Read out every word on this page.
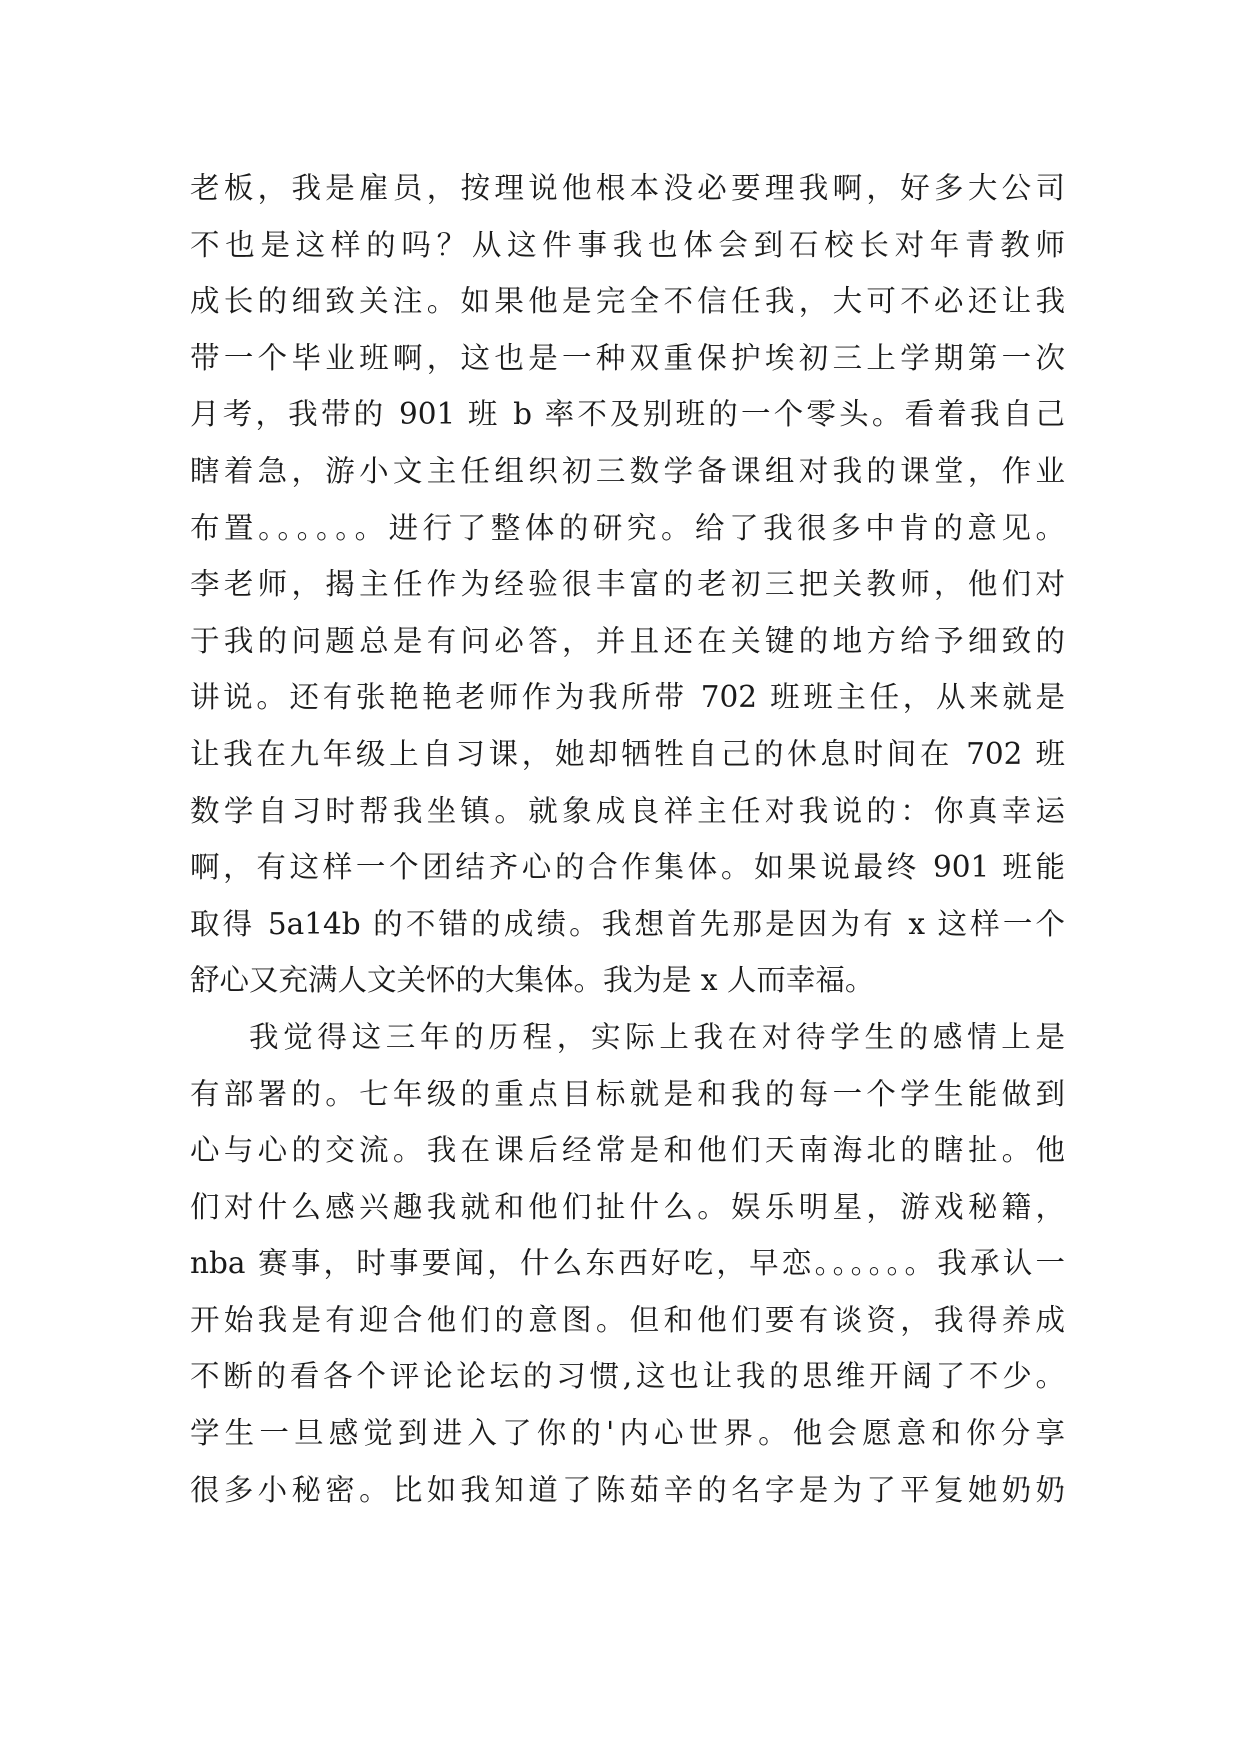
老板，我是雇员，按理说他根本没必要理我啊，好多大公司
不也是这样的吗？从这件事我也体会到石校长对年青教师
成长的细致关注。如果他是完全不信任我，大可不必还让我
带一个毕业班啊，这也是一种双重保护埃初三上学期第一次
月考，我带的 901 班 b 率不及别班的一个零头。看着我自己
瞎着急，游小文主任组织初三数学备课组对我的课堂，作业
布置。。。。。。进行了整体的研究。给了我很多中肯的意见。
李老师，揭主任作为经验很丰富的老初三把关教师，他们对
于我的问题总是有问必答，并且还在关键的地方给予细致的
讲说。还有张艳艳老师作为我所带 702 班班主任，从来就是
让我在九年级上自习课，她却牺牲自己的休息时间在 702 班
数学自习时帮我坐镇。就象成良祥主任对我说的：你真幸运
啊，有这样一个团结齐心的合作集体。如果说最终 901 班能
取得 5a14b 的不错的成绩。我想首先那是因为有 x 这样一个
舒心又充满人文关怀的大集体。我为是 x 人而幸福。
我觉得这三年的历程，实际上我在对待学生的感情上是
有部署的。七年级的重点目标就是和我的每一个学生能做到
心与心的交流。我在课后经常是和他们天南海北的瞎扯。他
们对什么感兴趣我就和他们扯什么。娱乐明星，游戏秘籍，
nba 赛事，时事要闻，什么东西好吃，早恋。。。。。。我承认一
开始我是有迎合他们的意图。但和他们要有谈资，我得养成
不断的看各个评论论坛的习惯,这也让我的思维开阔了不少。
学生一旦感觉到进入了你的'内心世界。他会愿意和你分享
很多小秘密。比如我知道了陈茹辛的名字是为了平复她奶奶
